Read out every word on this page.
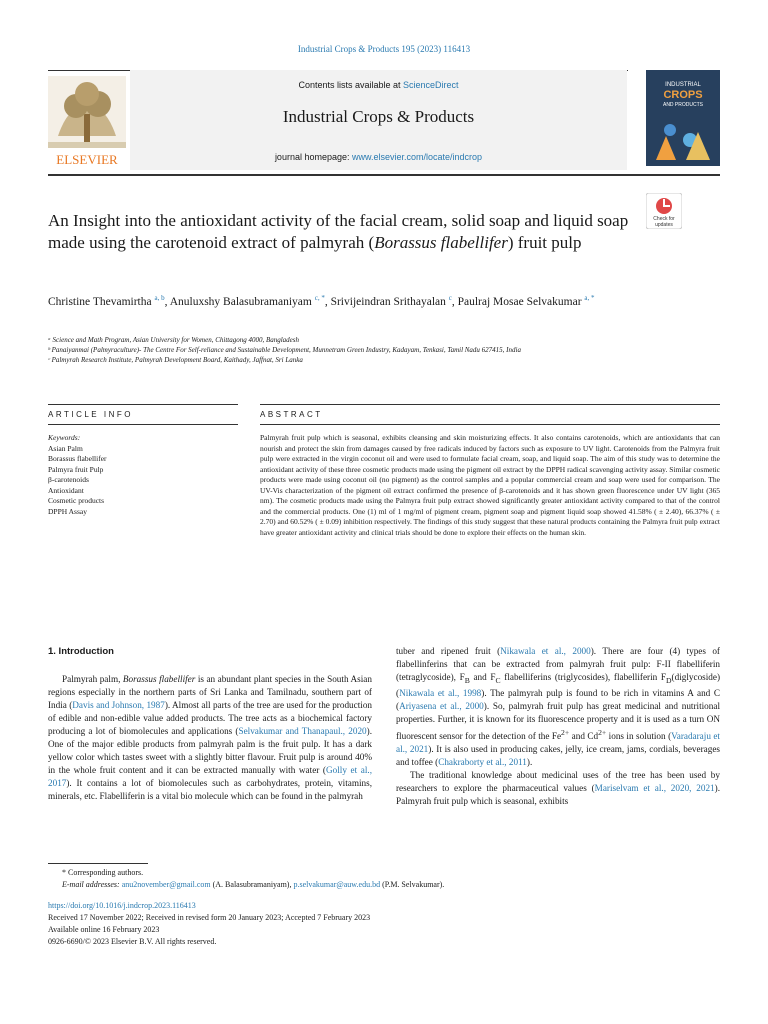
Industrial Crops & Products 195 (2023) 116413
ELSEVIER
Contents lists available at ScienceDirect
Industrial Crops & Products
journal homepage: www.elsevier.com/locate/indcrop
INDUSTRIAL
CROPS
AND PRODUCTS
An Insight into the antioxidant activity of the facial cream, solid soap and liquid soap made using the carotenoid extract of palmyrah (Borassus flabellifer) fruit pulp
Check for
updates
Christine Thevamirtha $^{a, b}$, Anuluxshy Balasubramaniyam $^{c, *}$, Srivijeindran Srithayalan $^c$, Paulraj Mosae Selvakumar $^{a, *}$
ᵃ Science and Math Program, Asian University for Women, Chittagong 4000, Bangladesh
ᵇ Panaiyanmai (Palmyraculture)- The Centre For Self-reliance and Sustainable Development, Munnetram Green Industry, Kadayam, Tenkasi, Tamil Nadu 627415, India
ᶜ Palmyrah Research Institute, Palmyrah Development Board, Kaithady, Jaffnat, Sri Lanka
ARTICLE INFO	ABSTRACT
Keywords:
Asian Palm
Borassus flabellifer
Palmyra fruit Pulp
β-carotenoids
Antioxidant
Cosmetic products
DPPH Assay
Palmyrah fruit pulp which is seasonal, exhibits cleansing and skin moisturizing effects. It also contains carotenoids, which are antioxidants that can nourish and protect the skin from damages caused by free radicals induced by factors such as exposure to UV light. Carotenoids from the Palmyra fruit pulp were extracted in the virgin coconut oil and were used to formulate facial cream, soap, and liquid soap. The aim of this study was to determine the antioxidant activity of these three cosmetic products made using the pigment oil extract by the DPPH radical scavenging activity assay. Similar cosmetic products were made using coconut oil (no pigment) as the control samples and a popular commercial cream and soap were used for comparison. The UV-Vis characterization of the pigment oil extract confirmed the presence of β-carotenoids and it has shown green fluorescence under UV light (365 nm). The cosmetic products made using the Palmyra fruit pulp extract showed significantly greater antioxidant activity compared to that of the control and the commercial products. One (1) ml of 1 mg/ml of pigment cream, pigment soap and pigment liquid soap showed 41.58% ( ± 2.40), 66.37% ( ± 2.70) and 60.52% ( ± 0.09) inhibition respectively. The findings of this study suggest that these natural products containing the Palmyra fruit pulp extract have greater antioxidant activity and clinical trials should be done to explore their effects on the human skin.
1. Introduction

Palmyrah palm, Borassus flabellifer is an abundant plant species in the South Asian regions especially in the northern parts of Sri Lanka and Tamilnadu, southern part of India (Davis and Johnson, 1987). Almost all parts of the tree are used for the production of edible and non-edible value added products. The tree acts as a biochemical factory producing a lot of biomolecules and applications (Selvakumar and Thanapaul., 2020). One of the major edible products from palmyrah palm is the fruit pulp. It has a dark yellow color which tastes sweet with a slightly bitter flavour. Fruit pulp is around 40% in the whole fruit content and it can be extracted manually with water (Golly et al., 2017). It contains a lot of biomolecules such as carbohydrates, protein, vitamins, minerals, etc. Flabelliferin is a vital bio molecule which can be found in the palmyrah

tuber and ripened fruit (Nikawala et al., 2000). There are four (4) types of flabellinferins that can be extracted from palmyrah fruit pulp: F-II flabelliferin (tetraglycoside), $F_B$ and $F_C$ flabelliferins (triglycosides), flabelliferin $F_D(diglycoside)$ (Nikawala et al., 1998). The palmyrah pulp is found to be rich in vitamins A and C (Ariyasena et al., 2000). So, palmyrah fruit pulp has great medicinal and nutritional properties. Further, it is known for its fluorescence property and it is used as a turn ON fluorescent sensor for the detection of the $Fe^{2+}$ and $Cd^{2+}$ ions in solution (Varadaraju et al., 2021). It is also used in producing cakes, jelly, ice cream, jams, cordials, beverages and toffee (Chakraborty et al., 2011).

The traditional knowledge about medicinal uses of the tree has been used by researchers to explore the pharmaceutical values (Mariselvam et al., 2020, 2021). Palmyrah fruit pulp which is seasonal, exhibits

* Corresponding authors.
E-mail addresses: anu2november@gmail.com (A. Balasubramaniyam), p.selvakumar@auw.edu.bd (P.M. Selvakumar).
https://doi.org/10.1016/j.indcrop.2023.116413
Received 17 November 2022; Received in revised form 20 January 2023; Accepted 7 February 2023
Available online 16 February 2023
0926-6690/© 2023 Elsevier B.V. All rights reserved.
